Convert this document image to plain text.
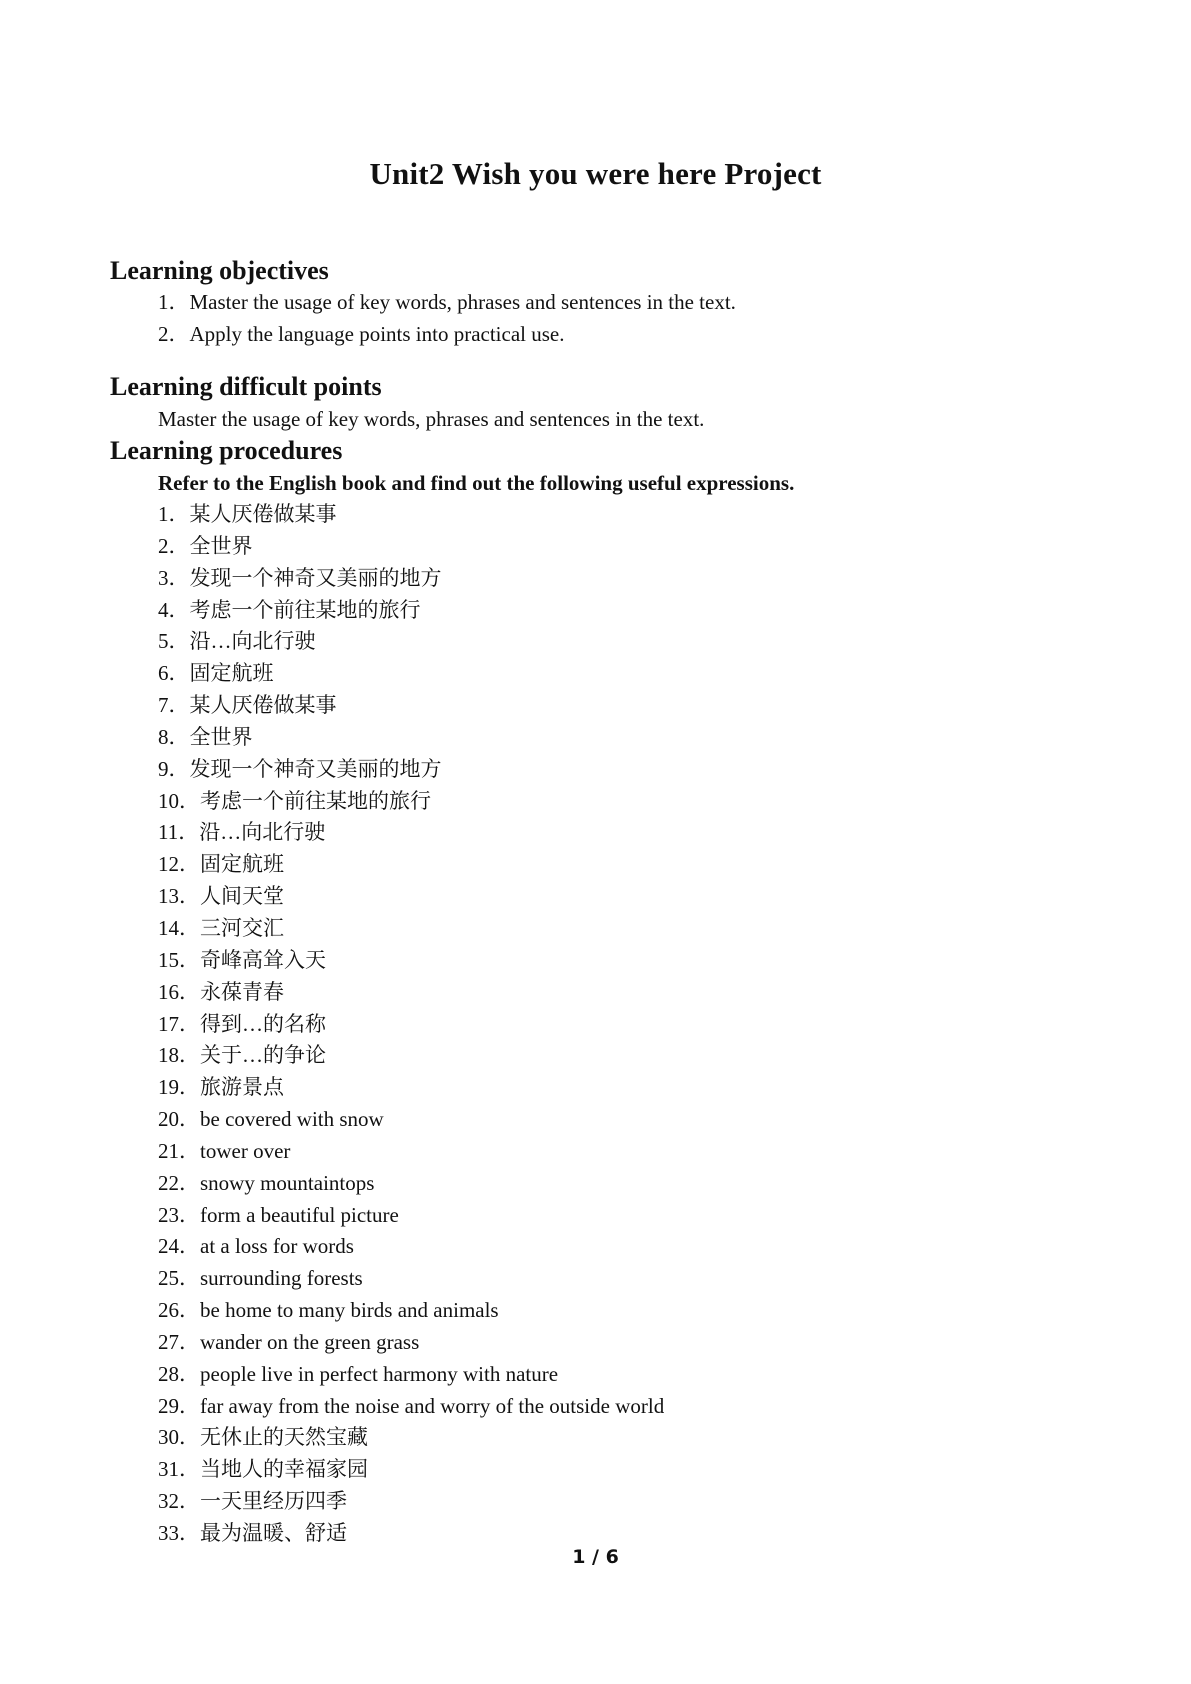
Unit2 Wish you were here Project
Learning objectives
1．Master the usage of key words, phrases and sentences in the text.
2．Apply the language points into practical use.
Learning difficult points

Master the usage of key words, phrases and sentences in the text.

Learning procedures

Refer to the English book and find out the following useful expressions.

1．某人厌倦做某事
2．全世界
3．发现一个神奇又美丽的地方
4．考虑一个前往某地的旅行
5．沿…向北行驶
6．固定航班
7．某人厌倦做某事
8．全世界
9．发现一个神奇又美丽的地方
10．考虑一个前往某地的旅行
11．沿…向北行驶
12．固定航班
13．人间天堂
14．三河交汇
15．奇峰高耸入天
16．永葆青春
17．得到…的名称
18．关于…的争论
19．旅游景点
20．be covered with snow
21．tower over
22．snowy mountaintops
23．form a beautiful picture
24．at a loss for words
25．surrounding forests
26．be home to many birds and animals
27．wander on the green grass
28．people live in perfect harmony with nature
29．far away from the noise and worry of the outside world
30．无休止的天然宝藏
31．当地人的幸福家园
32．一天里经历四季
33．最为温暖、舒适
1 / 6
